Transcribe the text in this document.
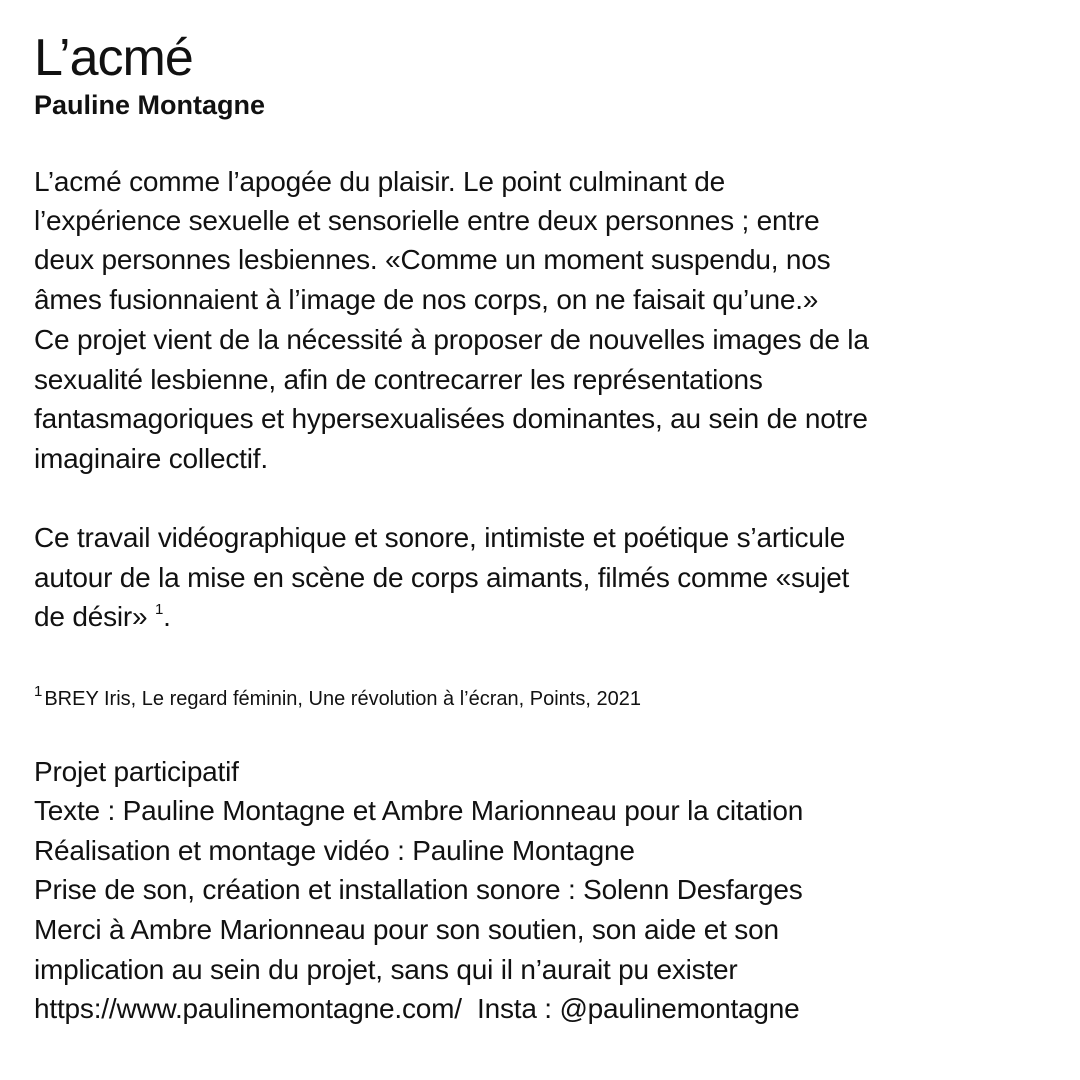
L’acmé
Pauline Montagne

L’acmé comme l’apogée du plaisir. Le point culminant de

l’expérience sexuelle et sensorielle entre deux personnes ; entre

deux personnes lesbiennes. «Comme un moment suspendu, nos

âmes fusionnaient à l’image de nos corps, on ne faisait qu’une.»

Ce projet vient de la nécessité à proposer de nouvelles images de la

sexualité lesbienne, afin de contrecarrer les représentations

fantasmagoriques et hypersexualisées dominantes, au sein de notre

imaginaire collectif.

Ce travail vidéographique et sonore, intimiste et poétique s’articule

autour de la mise en scène de corps aimants, filmés comme «sujet

de désir» $^1$.

$^1$ BREY Iris, Le regard féminin, Une révolution à l’écran, Points, 2021

Projet participatif

Texte : Pauline Montagne et Ambre Marionneau pour la citation

Réalisation et montage vidéo : Pauline Montagne

Prise de son, création et installation sonore : Solenn Desfarges

Merci à Ambre Marionneau pour son soutien, son aide et son

implication au sein du projet, sans qui il n’aurait pu exister

https://www.paulinemontagne.com/ Insta : @paulinemontagne
